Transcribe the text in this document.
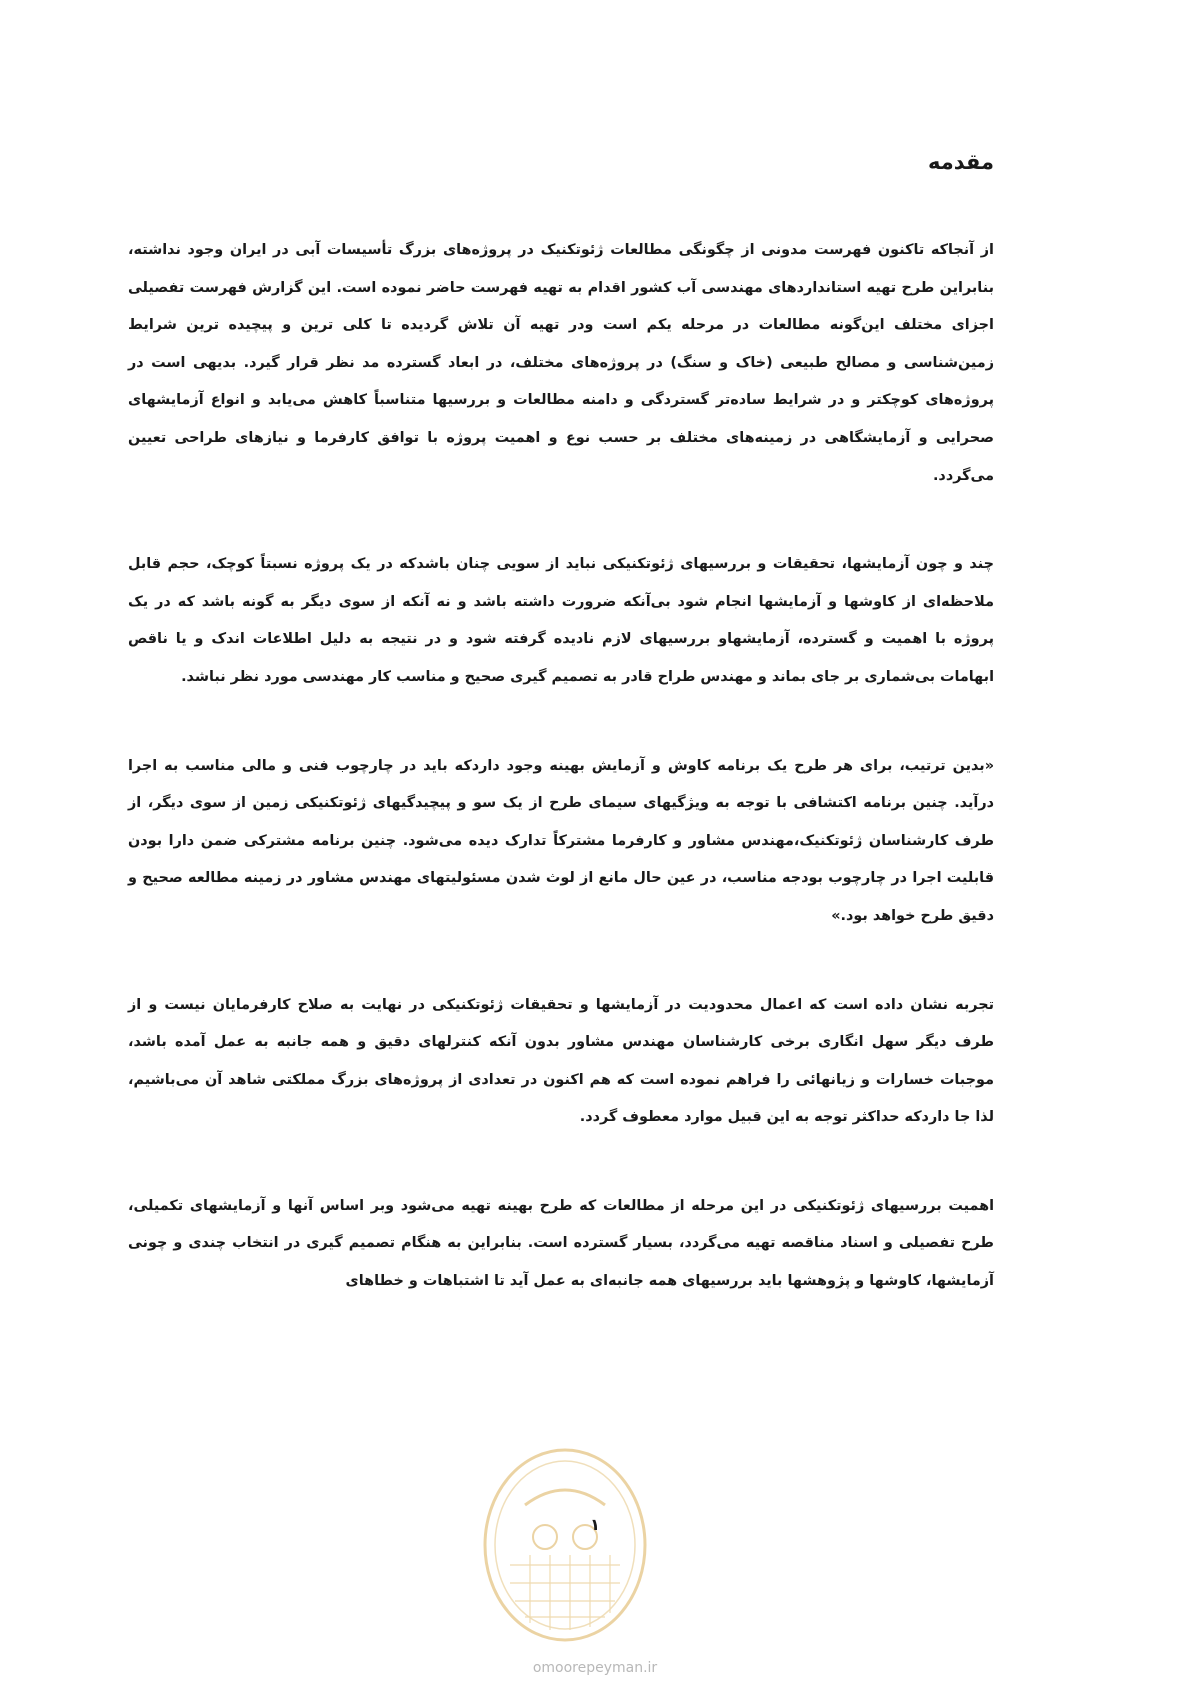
مقدمه

از آنجاکه تاکنون فهرست مدونی از چگونگی مطالعات ژئوتکنیک در پروژه‌های بزرگ تأسیسات آبی در ایران وجود نداشته، بنابراین طرح تهیه استانداردهای مهندسی آب کشور اقدام به تهیه فهرست حاضر نموده است. این گزارش فهرست تفصیلی اجزای مختلف این‌گونه مطالعات در مرحله یکم است ودر تهیه آن تلاش گردیده تا کلی ترین و پیچیده ترین شرایط زمین‌شناسی و مصالح طبیعی (خاک و سنگ) در پروژه‌های مختلف، در ابعاد گسترده مد نظر قرار گیرد. بدیهی است در پروژه‌های کوچکتر و در شرایط ساده‌تر گستردگی و دامنه مطالعات و بررسیها متناسباً کاهش می‌یابد و انواع آزمایشهای صحرایی و آزمایشگاهی در زمینه‌های مختلف بر حسب نوع و اهمیت پروژه با توافق کارفرما و نیازهای طراحی تعیین می‌گردد.

چند و چون آزمایشها، تحقیقات و بررسیهای ژئوتکنیکی نباید از سویی چنان باشدکه در یک پروژه نسبتاً کوچک، حجم قابل ملاحظه‌ای از کاوشها و آزمایشها انجام شود بی‌آنکه ضرورت داشته باشد و نه آنکه از سوی دیگر به گونه باشد که در یک پروژه با اهمیت و گسترده، آزمایشهاو بررسیهای لازم نادیده گرفته شود و در نتیجه به دلیل اطلاعات اندک و یا ناقص ابهامات بی‌شماری بر جای بماند و مهندس طراح قادر به تصمیم گیری صحیح و مناسب کار مهندسی مورد نظر نباشد.

«بدین ترتیب، برای هر طرح یک برنامه کاوش و آزمایش بهینه وجود داردکه باید در چارچوب فنی و مالی مناسب به اجرا درآید. چنین برنامه اکتشافی با توجه به ویژگیهای سیمای طرح از یک سو و پیچیدگیهای ژئوتکنیکی زمین از سوی دیگر، از طرف کارشناسان ژئوتکنیک،مهندس مشاور و کارفرما مشترکاً تدارک دیده می‌شود. چنین برنامه مشترکی ضمن دارا بودن قابلیت اجرا در چارچوب بودجه مناسب، در عین حال مانع از لوث شدن مسئولیتهای مهندس مشاور در زمینه مطالعه صحیح و دقیق طرح خواهد بود.»

تجربه نشان داده است که اعمال محدودیت در آزمایشها و تحقیقات ژئوتکنیکی در نهایت به صلاح کارفرمایان نیست و از طرف دیگر سهل انگاری برخی کارشناسان مهندس مشاور بدون آنکه کنترلهای دقیق و همه جانبه به عمل آمده باشد، موجبات خسارات و زیانهائی را فراهم نموده است که هم اکنون در تعدادی از پروژه‌های بزرگ مملکتی شاهد آن می‌باشیم، لذا جا داردکه حداکثر توجه به این قبیل موارد معطوف گردد.

اهمیت بررسیهای ژئوتکنیکی در این مرحله از مطالعات که طرح بهینه تهیه می‌شود وبر اساس آنها و آزمایشهای تکمیلی، طرح تفصیلی و اسناد مناقصه تهیه می‌گردد، بسیار گسترده است. بنابراین به هنگام تصمیم گیری در انتخاب چندی و چونی آزمایشها، کاوشها و پژوهشها باید بررسیهای همه جانبه‌ای به عمل آید تا اشتباهات و خطاهای

۱
omoorepeyman.ir
